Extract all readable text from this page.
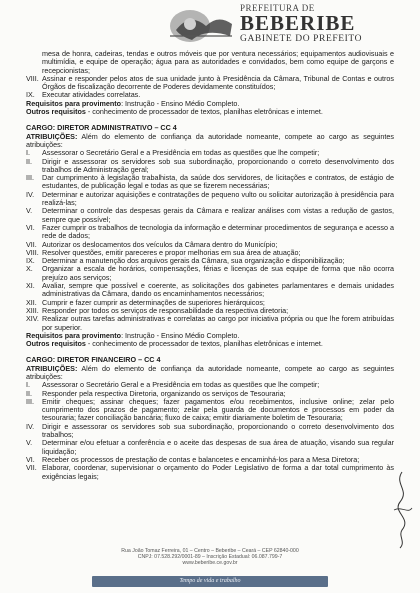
PREFEITURA DE
BEBERIBE
GABINETE DO PREFEITO

mesa de honra, cadeiras, tendas e outros móveis que por ventura necessários; equipamentos audiovisuais e multimídia, e equipe de operação; água para as autoridades e convidados, bem como equipe de garçons e recepcionistas;

VIII. Assinar e responder pelos atos de sua unidade junto à Presidência da Câmara, Tribunal de Contas e outros Órgãos de fiscalização decorrente de Poderes devidamente constituídos;

IX. Executar atividades correlatas.

Requisitos para provimento: Instrução - Ensino Médio Completo.

Outros requisitos - conhecimento de processador de textos, planilhas eletrônicas e internet.

CARGO: DIRETOR ADMINISTRATIVO – CC 4

ATRIBUIÇÕES: Além do elemento de confiança da autoridade nomeante, compete ao cargo as seguintes atribuições:

I. Assessorar o Secretário Geral e a Presidência em todas as questões que lhe competir;

II. Dirigir e assessorar os servidores sob sua subordinação, proporcionando o correto desenvolvimento dos trabalhos de Administração geral;

III. Dar cumprimento à legislação trabalhista, da saúde dos servidores, de licitações e contratos, de estágio de estudantes, de publicação legal e todas as que se fizerem necessárias;

IV. Determinar e autorizar aquisições e contratações de pequeno vulto ou solicitar autorização à presidência para realizá-las;

V. Determinar o controle das despesas gerais da Câmara e realizar análises com vistas a redução de gastos, sempre que possível;

VI. Fazer cumprir os trabalhos de tecnologia da informação e determinar procedimentos de segurança e acesso a rede de dados;

VII. Autorizar os deslocamentos dos veículos da Câmara dentro do Município;

VIII. Resolver questões, emitir pareceres e propor melhorias em sua área de atuação;

IX. Determinar a manutenção dos arquivos gerais da Câmara, sua organização e disponibilização;

X. Organizar a escala de horários, compensações, férias e licenças de sua equipe de forma que não ocorra prejuízo aos serviços;

XI. Avaliar, sempre que possível e coerente, as solicitações dos gabinetes parlamentares e demais unidades administrativas da Câmara, dando os encaminhamentos necessários;

XII. Cumprir e fazer cumprir as determinações de superiores hierárquicos;

XIII. Responder por todos os serviços de responsabilidade da respectiva diretoria;

XIV. Realizar outras tarefas administrativas e correlatas ao cargo por iniciativa própria ou que lhe forem atribuídas por superior.

Requisitos para provimento: Instrução - Ensino Médio Completo.

Outros requisitos - conhecimento de processador de textos, planilhas eletrônicas e internet.

CARGO: DIRETOR FINANCEIRO – CC 4

ATRIBUIÇÕES: Além do elemento de confiança da autoridade nomeante, compete ao cargo as seguintes atribuições:

I. Assessorar o Secretário Geral e a Presidência em todas as questões que lhe competir;

II. Responder pela respectiva Diretoria, organizando os serviços de Tesouraria;

III. Emitir cheques; assinar cheques; fazer pagamentos e/ou recebimentos, inclusive online; zelar pelo cumprimento dos prazos de pagamento; zelar pela guarda de documentos e processos em poder da tesouraria; fazer conciliação bancária; fluxo de caixa; emitir diariamente boletim de Tesouraria;

IV. Dirigir e assessorar os servidores sob sua subordinação, proporcionando o correto desenvolvimento dos trabalhos;

V. Determinar e/ou efetuar a conferência e o aceite das despesas de sua área de atuação, visando sua regular liquidação;

VI. Receber os processos de prestação de contas e balancetes e encaminhá-los para a Mesa Diretora;

VII. Elaborar, coordenar, supervisionar o orçamento do Poder Legislativo de forma a dar total cumprimento às exigências legais;

Rua João Tomaz Ferreira, 01 – Centro – Beberibe – Ceará – CEP 62840-000
CNPJ: 07.528.292/0001-89 – Inscrição Estadual: 06.087.799-7
www.beberibe.ce.gov.br
Tempo de vida e trabalho
